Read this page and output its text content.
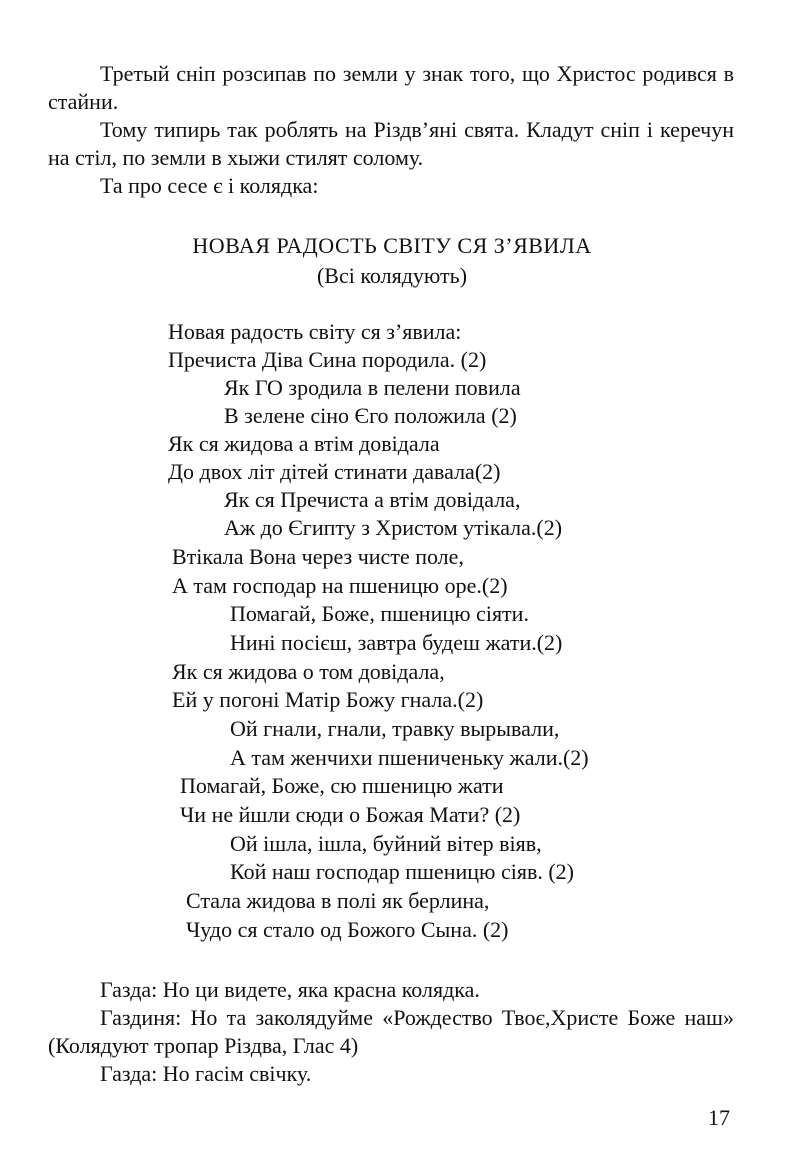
Третый сніп розсипав по земли у знак того, що Христос родився в стайни.

Тому типирь так роблять на Рiздв’яні свята. Кладут сніп і керечун на стіл, по земли в хыжи стилят солому.

Та про сесе є і колядка:

НОВАЯ РАДОСТЬ СВІТУ СЯ З’ЯВИЛА
(Всі колядують)
Новая радость світу ся з’явила:
Пречиста Діва Сина породила. (2)
Як ГО зродила в пелени повила
В зелене сіно Єго положила (2)
Як ся жидова а втім довідала
До двох літ дітей стинати давала(2)
Як ся Пречиста а втім довідала,
Аж до Єгипту з Христом утікала.(2)
Втікала Вона через чисте поле,
А там господар на пшеницю оре.(2)
Помагай, Боже, пшеницю сіяти.
Нині посієш, завтра будеш жати.(2)
Як ся жидова о том довідала,
Ей у погоні Матір Божу гнала.(2)
Ой гнали, гнали, травку вырывали,
А там женчихи пшениченьку жали.(2)
Помагай, Боже, сю пшеницю жати
Чи не йшли сюди о Божая Мати? (2)
Ой ішла, ішла, буйний вітер віяв,
Кой наш господар пшеницю сіяв. (2)
Стала жидова в полі як берлина,
Чудо ся стало од Божого Сына. (2)

Газда: Но ци видете, яка красна колядка.

Газдиня: Но та заколядуйме «Рождество Твоє,Христе Боже наш» (Колядуют тропар Різдва, Глас 4)

Газда: Но гасім свічку.

17
